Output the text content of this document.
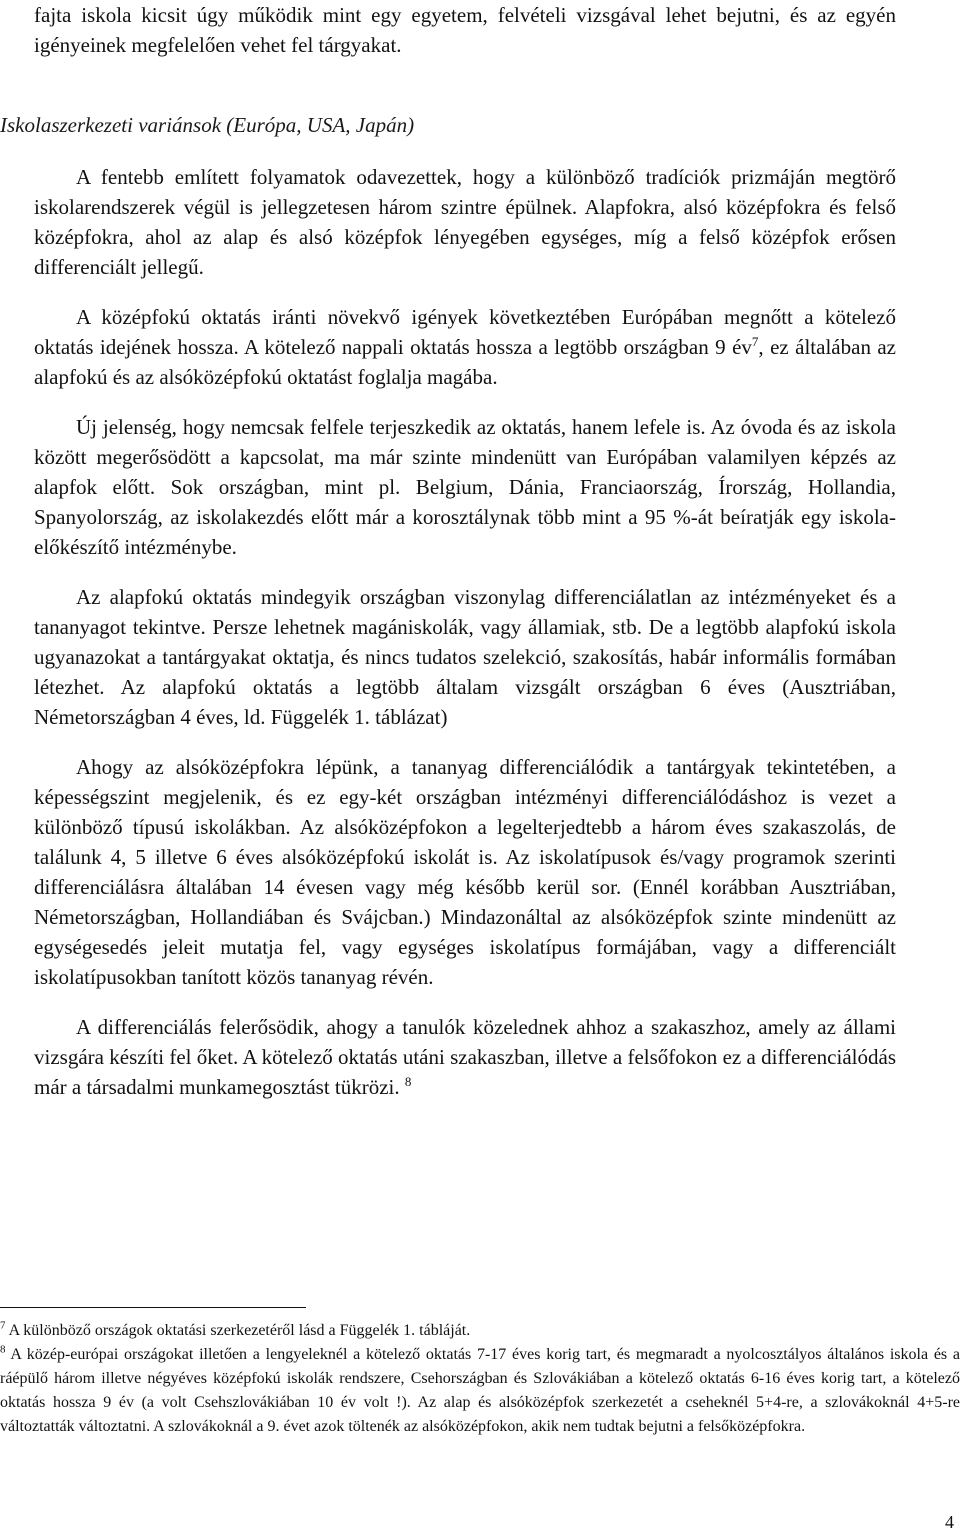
fajta iskola kicsit úgy működik mint egy egyetem, felvételi vizsgával lehet bejutni, és az egyén igényeinek megfelelően vehet fel tárgyakat.

Iskolaszerkezeti variánsok (Európa, USA, Japán)

A fentebb említett folyamatok odavezettek, hogy a különböző tradíciók prizmáján megtörő iskolarendszerek végül is jellegzetesen három szintre épülnek. Alapfokra, alsó középfokra és felső középfokra, ahol az alap és alsó középfok lényegében egységes, míg a felső középfok erősen differenciált jellegű.

A középfokú oktatás iránti növekvő igények következtében Európában megnőtt a kötelező oktatás idejének hossza. A kötelező nappali oktatás hossza a legtöbb országban 9 $év^7$, ez általában az alapfokú és az alsóközépfokú oktatást foglalja magába.

Új jelenség, hogy nemcsak felfele terjeszkedik az oktatás, hanem lefele is. Az óvoda és az iskola között megerősödött a kapcsolat, ma már szinte mindenütt van Európában valamilyen képzés az alapfok előtt. Sok országban, mint pl. Belgium, Dánia, Franciaország, Írország, Hollandia, Spanyolország, az iskolakezdés előtt már a korosztálynak több mint a 95 %-át beíratják egy iskola-előkészítő intézménybe.

Az alapfokú oktatás mindegyik országban viszonylag differenciálatlan az intézményeket és a tananyagot tekintve. Persze lehetnek magániskolák, vagy államiak, stb. De a legtöbb alapfokú iskola ugyanazokat a tantárgyakat oktatja, és nincs tudatos szelekció, szakosítás, habár informális formában létezhet. Az alapfokú oktatás a legtöbb általam vizsgált országban 6 éves (Ausztriában, Németországban 4 éves, ld. Függelék 1. táblázat)

Ahogy az alsóközépfokra lépünk, a tananyag differenciálódik a tantárgyak tekintetében, a képességszint megjelenik, és ez egy-két országban intézményi differenciálódáshoz is vezet a különböző típusú iskolákban. Az alsóközépfokon a legelterjedtebb a három éves szakaszolás, de találunk 4, 5 illetve 6 éves alsóközépfokú iskolát is. Az iskolatípusok és/vagy programok szerinti differenciálásra általában 14 évesen vagy még később kerül sor. (Ennél korábban Ausztriában, Németországban, Hollandiában és Svájcban.) Mindazonáltal az alsóközépfok szinte mindenütt az egységesedés jeleit mutatja fel, vagy egységes iskolatípus formájában, vagy a differenciált iskolatípusokban tanított közös tananyag révén.

A differenciálás felerősödik, ahogy a tanulók közelednek ahhoz a szakaszhoz, amely az állami vizsgára készíti fel őket. A kötelező oktatás utáni szakaszban, illetve a felsőfokon ez a differenciálódás már a társadalmi munkamegosztást tükrözi. $^8$

$^7$ A különböző országok oktatási szerkezetéről lásd a Függelék 1. tábláját.

$^8$ A közép-európai országokat illetően a lengyeleknél a kötelező oktatás 7-17 éves korig tart, és megmaradt a nyolcosztályos általános iskola és a ráépülő három illetve négyéves középfokú iskolák rendszere, Csehországban és Szlovákiában a kötelező oktatás 6-16 éves korig tart, a kötelező oktatás hossza 9 év (a volt Csehszlovákiában 10 év volt !). Az alap és alsóközépfok szerkezetét a cseheknél 5+4-re, a szlovákoknál 4+5-re változtatták változtatni. A szlovákoknál a 9. évet azok töltenék az alsóközépfokon, akik nem tudtak bejutni a felsőközépfokra.

4
